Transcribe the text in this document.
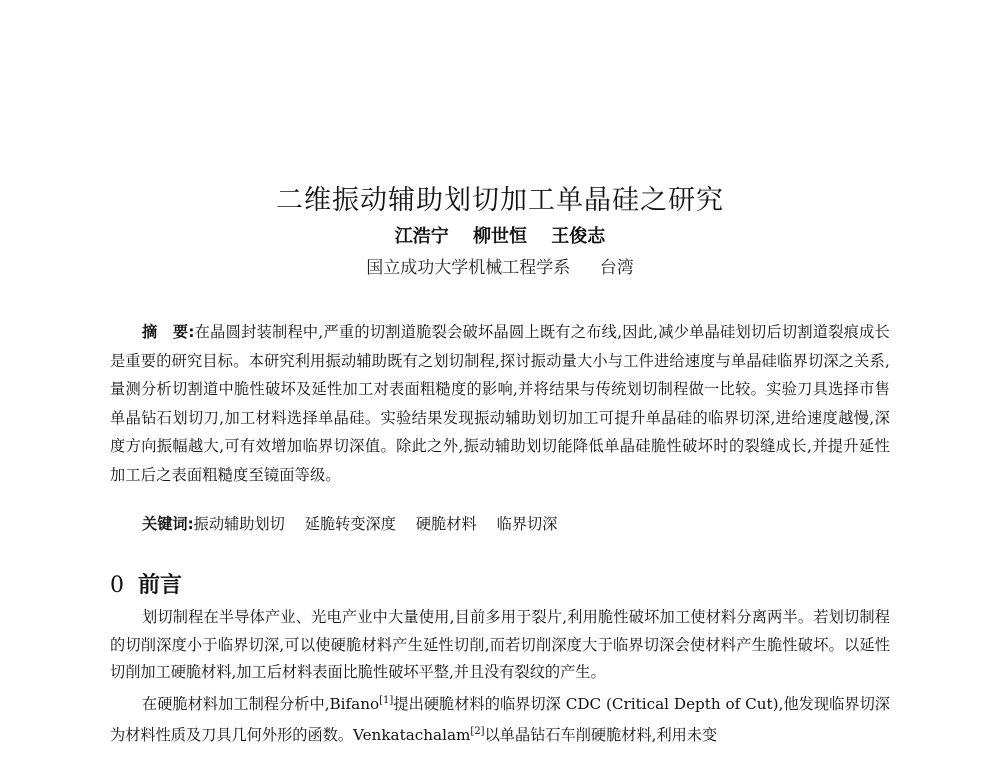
二维振动辅助划切加工单晶硅之研究
江浩宁 柳世恒 王俊志
国立成功大学机械工程学系 台湾

摘　要:在晶圆封装制程中,严重的切割道脆裂会破坏晶圆上既有之布线,因此,减少单晶硅划切后切割道裂痕成长是重要的研究目标。本研究利用振动辅助既有之划切制程,探讨振动量大小与工件进给速度与单晶硅临界切深之关系,量测分析切割道中脆性破坏及延性加工对表面粗糙度的影响,并将结果与传统划切制程做一比较。实验刀具选择市售单晶钻石划切刀,加工材料选择单晶硅。实验结果发现振动辅助划切加工可提升单晶硅的临界切深,进给速度越慢,深度方向振幅越大,可有效增加临界切深值。除此之外,振动辅助划切能降低单晶硅脆性破坏时的裂缝成长,并提升延性加工后之表面粗糙度至镜面等级。

关键词:振动辅助划切 延脆转变深度 硬脆材料 临界切深

0 前言

划切制程在半导体产业、光电产业中大量使用,目前多用于裂片,利用脆性破坏加工使材料分离两半。若划切制程的切削深度小于临界切深,可以使硬脆材料产生延性切削,而若切削深度大于临界切深会使材料产生脆性破坏。以延性切削加工硬脆材料,加工后材料表面比脆性破坏平整,并且没有裂纹的产生。

在硬脆材料加工制程分析中,Bifano[1]提出硬脆材料的临界切深 CDC (Critical Depth of Cut),他发现临界切深为材料性质及刀具几何外形的函数。Venkatachalam[2]以单晶钻石车削硬脆材料,利用未变
